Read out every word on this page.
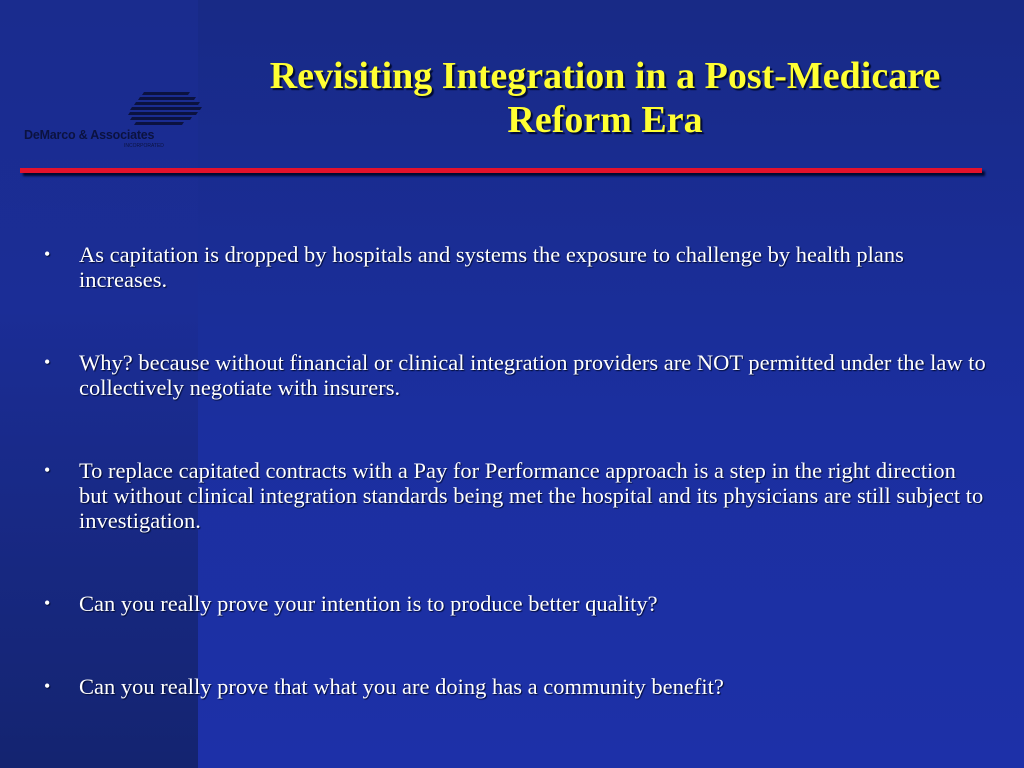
DeMarco & Associates
INCORPORATED
Revisiting Integration in a Post-Medicare Reform Era
• As capitation is dropped by hospitals and systems the exposure to challenge by health plans increases.
• Why? because without financial or clinical integration providers are NOT permitted under the law to collectively negotiate with insurers.
• To replace capitated contracts with a Pay for Performance approach is a step in the right direction but without clinical integration standards being met the hospital and its physicians are still subject to investigation.
• Can you really prove your intention is to produce better quality?
• Can you really prove that what you are doing has a community benefit?
